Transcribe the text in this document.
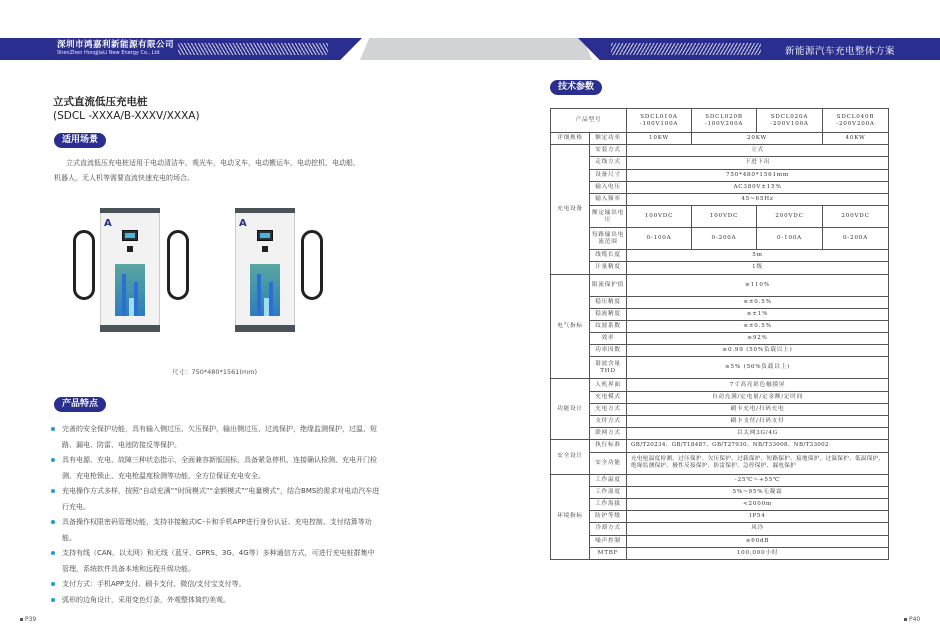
深圳市鸿嘉利新能源有限公司
ShenZhen HongJiaLi New Energy Co., Ltd	新能源汽车充电整体方案
立式直流低压充电桩
(SDCL -XXXA/B-XXXV/XXXA)
适用场景
立式直流低压充电桩适用于电动清洁车，观光车，电动叉车，电动搬运车，电动挖机，电动船，机器人，无人机等需要直流快速充电的场合。
A	A
尺寸：750*480*1561(mm)
产品特点
完善的安全保护功能，具有输入侧过压、欠压保护，输出侧过压、过流保护，绝缘监测保护，过温、短路、漏电、防雷、电池防接反等保护。
具有电源、充电、故障三种状态指示，全面兼容新版国标，具备紧急停机、连接确认检测、充电开门检测、充电枪锁止、充电枪温度检测等功能，全方位保证充电安全。
充电操作方式多样，按照“自动充满”“时间模式”“金额模式”“电量模式”，结合BMS的需求对电动汽车进行充电。
具备操作权限密码管理功能，支持非接触式IC-卡和手机APP进行身份认证、充电控制、支付结算等功能。
支持有线（CAN、以太网）和无线（蓝牙、GPRS、3G、4G等）多种通信方式，可进行充电桩群集中管理，系统软件具备本地和远程升级功能。
支付方式：手机APP支付、刷卡支付、微信/支付宝支付等。
弧形的边角设计，采用变色灯条，外观整体简约美观。
P39
技术参数
产品型号		SDCL010A -100V100A	SDCL020B -100V200A	SDCL020A -200V100A	SDCL040B -200V200A
详细规格	额定功率	10KW	20KW		40KW
充电设备	安装方式	立式			
	走线方式	下进下出			
	设备尺寸	750*480*1561mm			
	输入电压	AC380V±15%			
	输入频率	45~65Hz			
	额定输出电压	100VDC	100VDC	200VDC	200VDC
	每路输出电流范围	0-100A	0-200A	0-100A	0-200A
	线缆长度	5m			
	计量精度	1级			
电气指标	限流保护值	≥110%			
	稳压精度	≤±0.5%			
	稳流精度	≤±1%			
	纹波系数	≤±0.5%			
	效率	≥92%			
	功率因数	≥0.99 (50%负载以上)			
	谐波含量THD	≤5% (50%负载以上)			
功能设计	人机界面	7寸高亮彩色触摸屏			
	充电模式	自动充满/定电量/定金额/定时间			
	充电方式	刷卡充电/扫码充电			
	支付方式	刷卡支付/扫码支付			
	联网方式	以太网3G/4G			
安全设计	执行标准	GB/T20234、GB/T18487、GB/T27930、NB/T33008、NB/T33002			
	安全功能	充电枪温度检测、过压保护、欠压保护、过载保护、短路保护、接地保护、过温保护、低温保护、绝缘监测保护、极性反接保护、防雷保护、急停保护、漏电保护			
环境指标	工作温度	-25℃~+55℃			
	工作湿度	5%~95%无凝霜			
	工作海拔	<2000m			
	防护等级	IP54			
	冷却方式	风冷			
	噪声控制	≤60dB			
	MTBF	100,000小时			
P40
